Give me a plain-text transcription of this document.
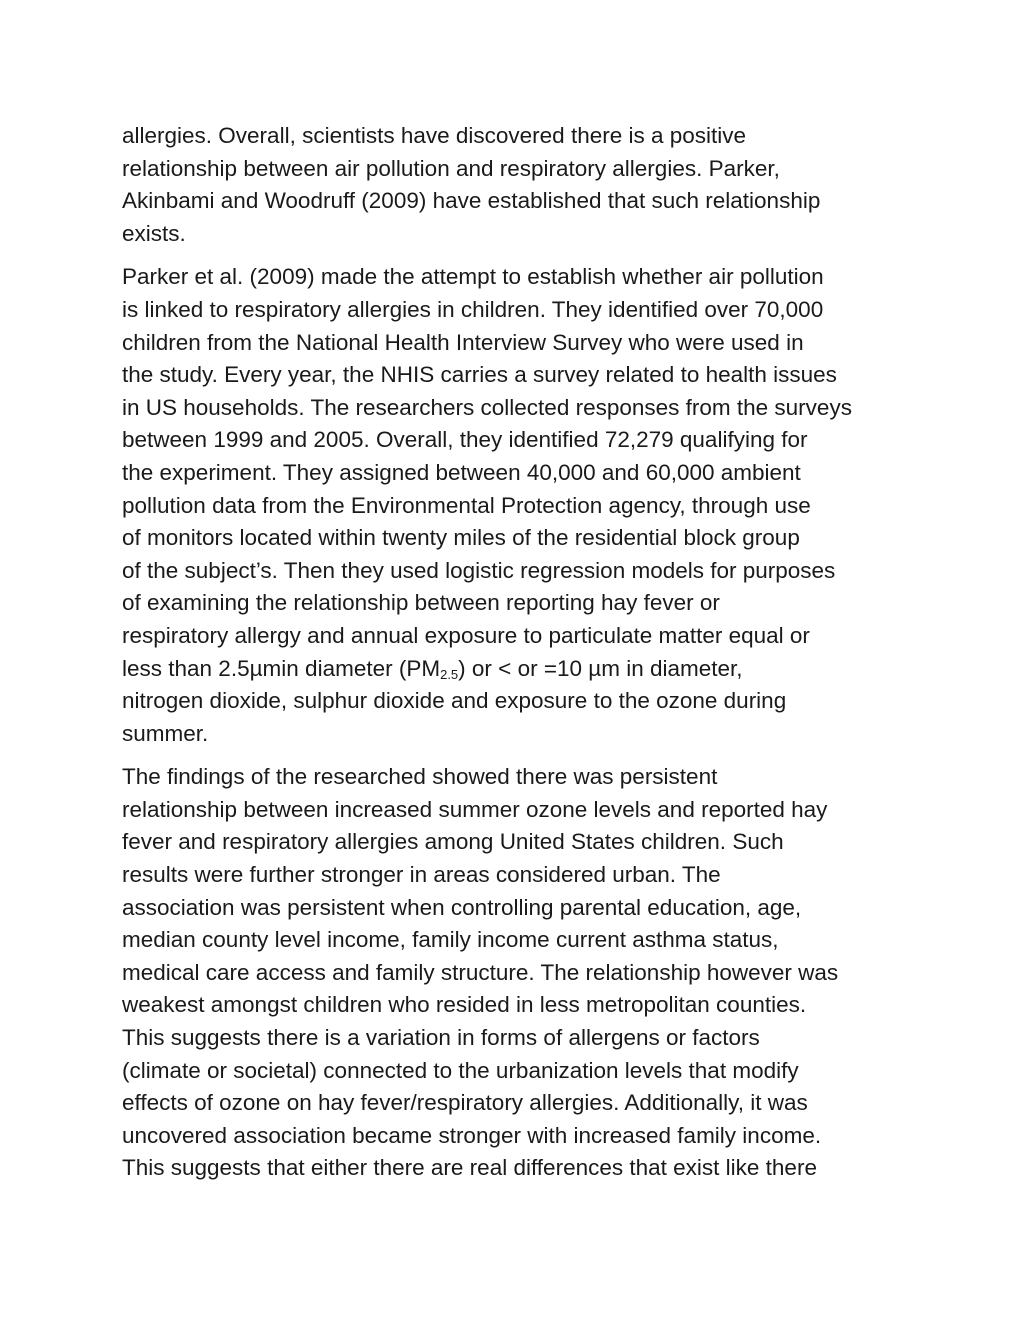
allergies. Overall, scientists have discovered there is a positive
relationship between air pollution and respiratory allergies. Parker,
Akinbami and Woodruff (2009) have established that such relationship
exists.
Parker et al. (2009) made the attempt to establish whether air pollution
is linked to respiratory allergies in children. They identified over 70,000
children from the National Health Interview Survey who were used in
the study. Every year, the NHIS carries a survey related to health issues
in US households. The researchers collected responses from the surveys
between 1999 and 2005. Overall, they identified 72,279 qualifying for
the experiment. They assigned between 40,000 and 60,000 ambient
pollution data from the Environmental Protection agency, through use
of monitors located within twenty miles of the residential block group
of the subject’s. Then they used logistic regression models for purposes
of examining the relationship between reporting hay fever or
respiratory allergy and annual exposure to particulate matter equal or
less than 2.5µmin diameter $(PM_{2.5})$ or < or =10 µm in diameter,
nitrogen dioxide, sulphur dioxide and exposure to the ozone during
summer.
The findings of the researched showed there was persistent
relationship between increased summer ozone levels and reported hay
fever and respiratory allergies among United States children. Such
results were further stronger in areas considered urban. The
association was persistent when controlling parental education, age,
median county level income, family income current asthma status,
medical care access and family structure. The relationship however was
weakest amongst children who resided in less metropolitan counties.
This suggests there is a variation in forms of allergens or factors
(climate or societal) connected to the urbanization levels that modify
effects of ozone on hay fever/respiratory allergies. Additionally, it was
uncovered association became stronger with increased family income.
This suggests that either there are real differences that exist like there
